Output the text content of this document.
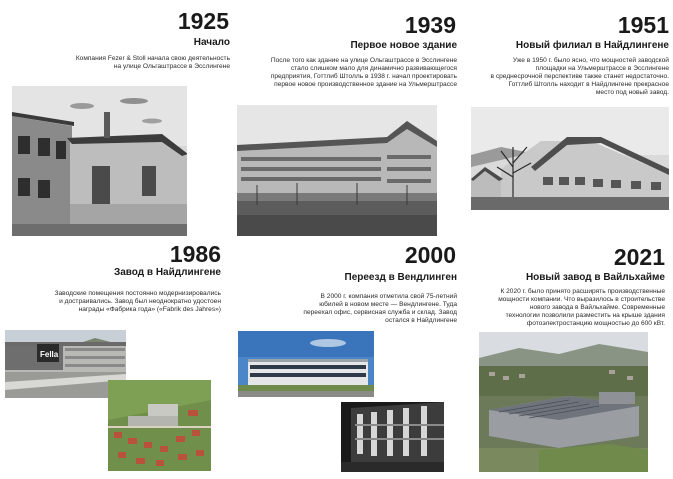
1925
Начало
Компания Fezer & Stoll начала свою деятельность
на улице Ольгаштрассе в Эсслингене
1939
Первое новое здание
После того как здание на улице Ольгаштрассе в Эсслингене
стало слишком мало для динамично развивающегося
предприятия, Готтлиб Штолль в 1938 г. начал проектировать
первое новое производственное здание на Ульмерштрассе
1951
Новый филиал в Найдлингене
Уже в 1950 г. было ясно, что мощностей заводской
площадки на Ульмерштрассе в Эсслингене
в среднесрочной перспективе также станет недостаточно.
Готтлиб Штолль находит в Найдлингене прекрасное
место под новый завод.
1986
Завод в Найдлингене
Заводские помещения постоянно модернизировались
и достраивались. Завод был неоднократно удостоен
награды «Фабрика года» («Fabrik des Jahres»)
Fella
2000
Переезд в Вендлинген
В 2000 г. компания отметила свой 75-летний
юбилей в новом месте — Вендлингене. Туда
переехал офис, сервисная служба и склад. Завод
остался в Найдлингене
2021
Новый завод в Вайльхайме
К 2020 г. было принято расширять производственные
мощности компании. Что выразилось в строительстве
нового завода в Вайльхайме. Современные
технологии позволили разместить на крыше здания
фотоэлектростанцию мощностью до 600 кВт.
